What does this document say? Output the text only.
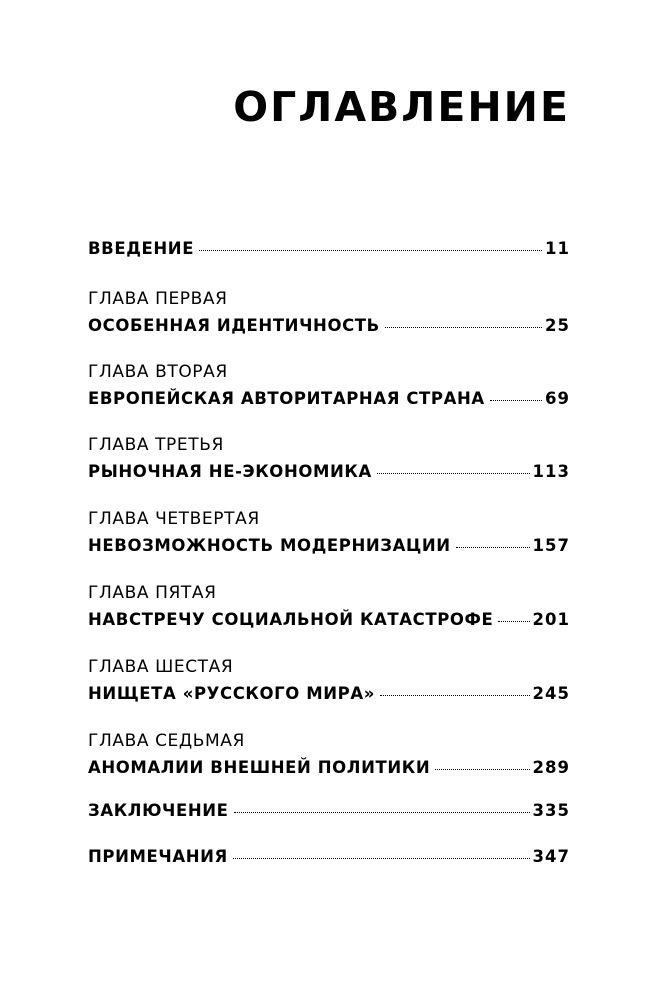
ОГЛАВЛЕНИЕ
ВВЕДЕНИЕ	11
ГЛАВА ПЕРВАЯ
ОСОБЕННАЯ ИДЕНТИЧНОСТЬ	25
ГЛАВА ВТОРАЯ
ЕВРОПЕЙСКАЯ АВТОРИТАРНАЯ СТРАНА	69
ГЛАВА ТРЕТЬЯ
РЫНОЧНАЯ НЕ-ЭКОНОМИКА	113
ГЛАВА ЧЕТВЕРТАЯ
НЕВОЗМОЖНОСТЬ МОДЕРНИЗАЦИИ	157
ГЛАВА ПЯТАЯ
НАВСТРЕЧУ СОЦИАЛЬНОЙ КАТАСТРОФЕ 201
ГЛАВА ШЕСТАЯ
НИЩЕТА «РУССКОГО МИРА»	245
ГЛАВА СЕДЬМАЯ
АНОМАЛИИ ВНЕШНЕЙ ПОЛИТИКИ	289
ЗАКЛЮЧЕНИЕ	335
ПРИМЕЧАНИЯ	347
